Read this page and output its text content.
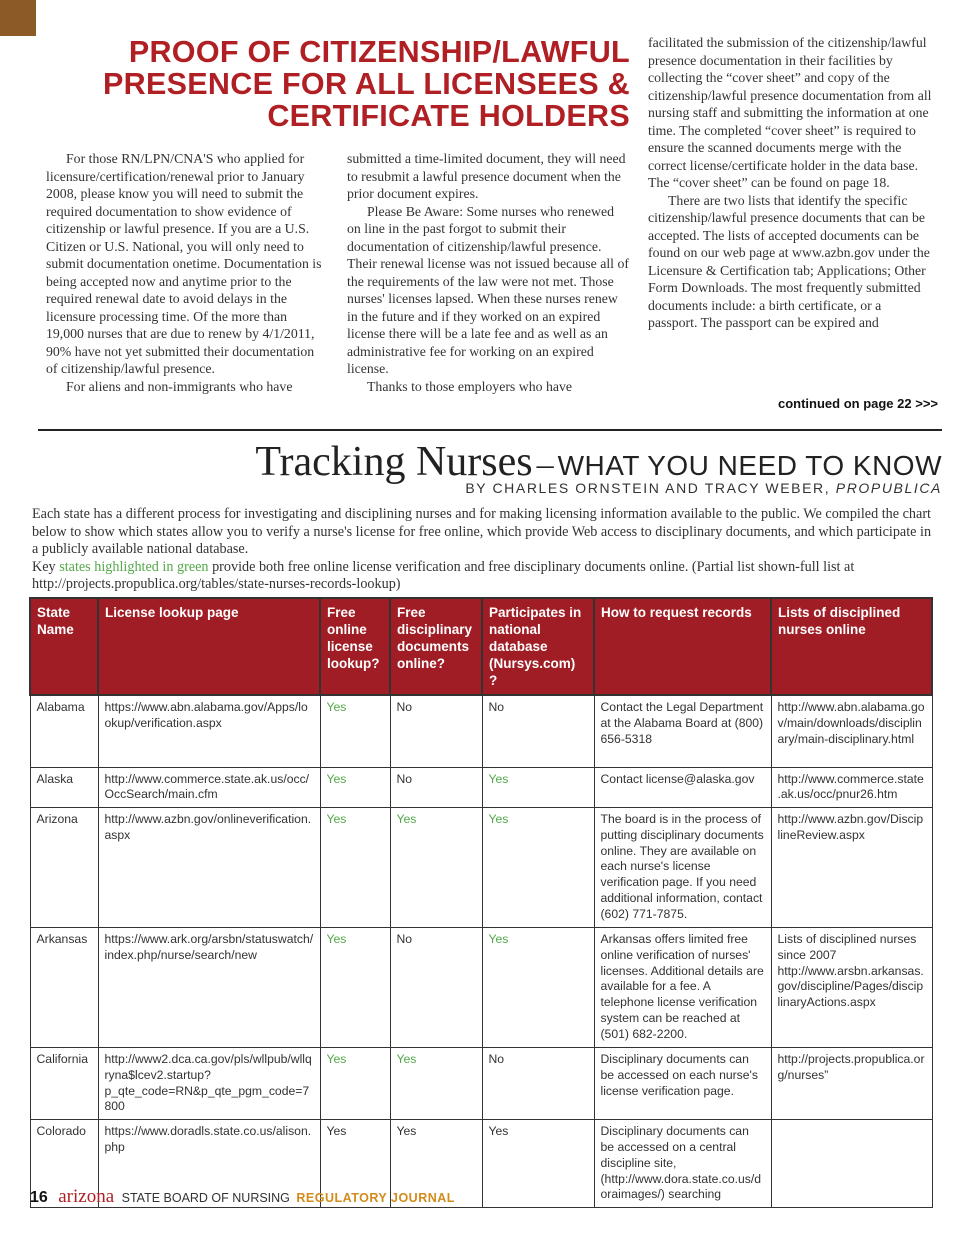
PROOF OF CITIZENSHIP/LAWFUL
PRESENCE FOR ALL LICENSEES &
CERTIFICATE HOLDERS

For those RN/LPN/CNA'S who applied for licensure/certification/renewal prior to January 2008, please know you will need to submit the required documentation to show evidence of citizenship or lawful presence. If you are a U.S. Citizen or U.S. National, you will only need to submit documentation onetime. Documentation is being accepted now and anytime prior to the required renewal date to avoid delays in the licensure processing time. Of the more than 19,000 nurses that are due to renew by 4/1/2011, 90% have not yet submitted their documentation of citizenship/lawful presence.

For aliens and non-immigrants who have

submitted a time-limited document, they will need to resubmit a lawful presence document when the prior document expires.

Please Be Aware: Some nurses who renewed on line in the past forgot to submit their documentation of citizenship/lawful presence. Their renewal license was not issued because all of the requirements of the law were not met. Those nurses' licenses lapsed. When these nurses renew in the future and if they worked on an expired license there will be a late fee and as well as an administrative fee for working on an expired license.

Thanks to those employers who have

facilitated the submission of the citizenship/lawful presence documentation in their facilities by collecting the “cover sheet” and copy of the citizenship/lawful presence documentation from all nursing staff and submitting the information at one time. The completed “cover sheet” is required to ensure the scanned documents merge with the correct license/certificate holder in the data base. The “cover sheet” can be found on page 18.

There are two lists that identify the specific citizenship/lawful presence documents that can be accepted. The lists of accepted documents can be found on our web page at www.azbn.gov under the Licensure & Certification tab; Applications; Other Form Downloads. The most frequently submitted documents include: a birth certificate, or a passport. The passport can be expired and

continued on page 22 >>>
Tracking Nurses – WHAT YOU NEED TO KNOW
BY CHARLES ORNSTEIN AND TRACY WEBER, PROPUBLICA

Each state has a different process for investigating and disciplining nurses and for making licensing information available to the public. We compiled the chart below to show which states allow you to verify a nurse's license for free online, which provide Web access to disciplinary documents, and which participate in a publicly available national database.

Key states highlighted in green provide both free online license verification and free disciplinary documents online. (Partial list shown-full list at http://projects.propublica.org/tables/state-nurses-records-lookup)

State Name	License lookup page	Free online license lookup?	Free disciplinary documents online?	Participates in national database (Nursys.com) ?	How to request records	Lists of disciplined nurses online
Alabama	https://www.abn.alabama.gov/Apps/lookup/verification.aspx	Yes	No	No	Contact the Legal Department at the Alabama Board at (800) 656-5318	http://www.abn.alabama.gov/main/downloads/disciplinary/main-disciplinary.html
Alaska	http://www.commerce.state.ak.us/occ/OccSearch/main.cfm	Yes	No	Yes	Contact license@alaska.gov	http://www.commerce.state.ak.us/occ/pnur26.htm
Arizona	http://www.azbn.gov/onlineverification.aspx	Yes	Yes	Yes	The board is in the process of putting disciplinary documents online. They are available on each nurse's license verification page. If you need additional information, contact (602) 771-7875.	http://www.azbn.gov/DisciplineReview.aspx
Arkansas	https://www.ark.org/arsbn/statuswatch/index.php/nurse/search/new	Yes	No	Yes	Arkansas offers limited free online verification of nurses' licenses. Additional details are available for a fee. A telephone license verification system can be reached at (501) 682-2200.	Lists of disciplined nurses since 2007 http://www.arsbn.arkansas.gov/discipline/Pages/disciplinaryActions.aspx
California	http://www2.dca.ca.gov/pls/wllpub/wllqryna$lcev2.startup?p_qte_code=RN&p_qte_pgm_code=7800	Yes	Yes	No	Disciplinary documents can be accessed on each nurse's license verification page.	http://projects.propublica.org/nurses”
Colorado	https://www.doradls.state.co.us/alison.php	Yes	Yes	Yes	Disciplinary documents can be accessed on a central discipline site, (http://www.dora.state.co.us/doraimages/) searching	
16 arizona STATE BOARD OF NURSING REGULATORY JOURNAL
